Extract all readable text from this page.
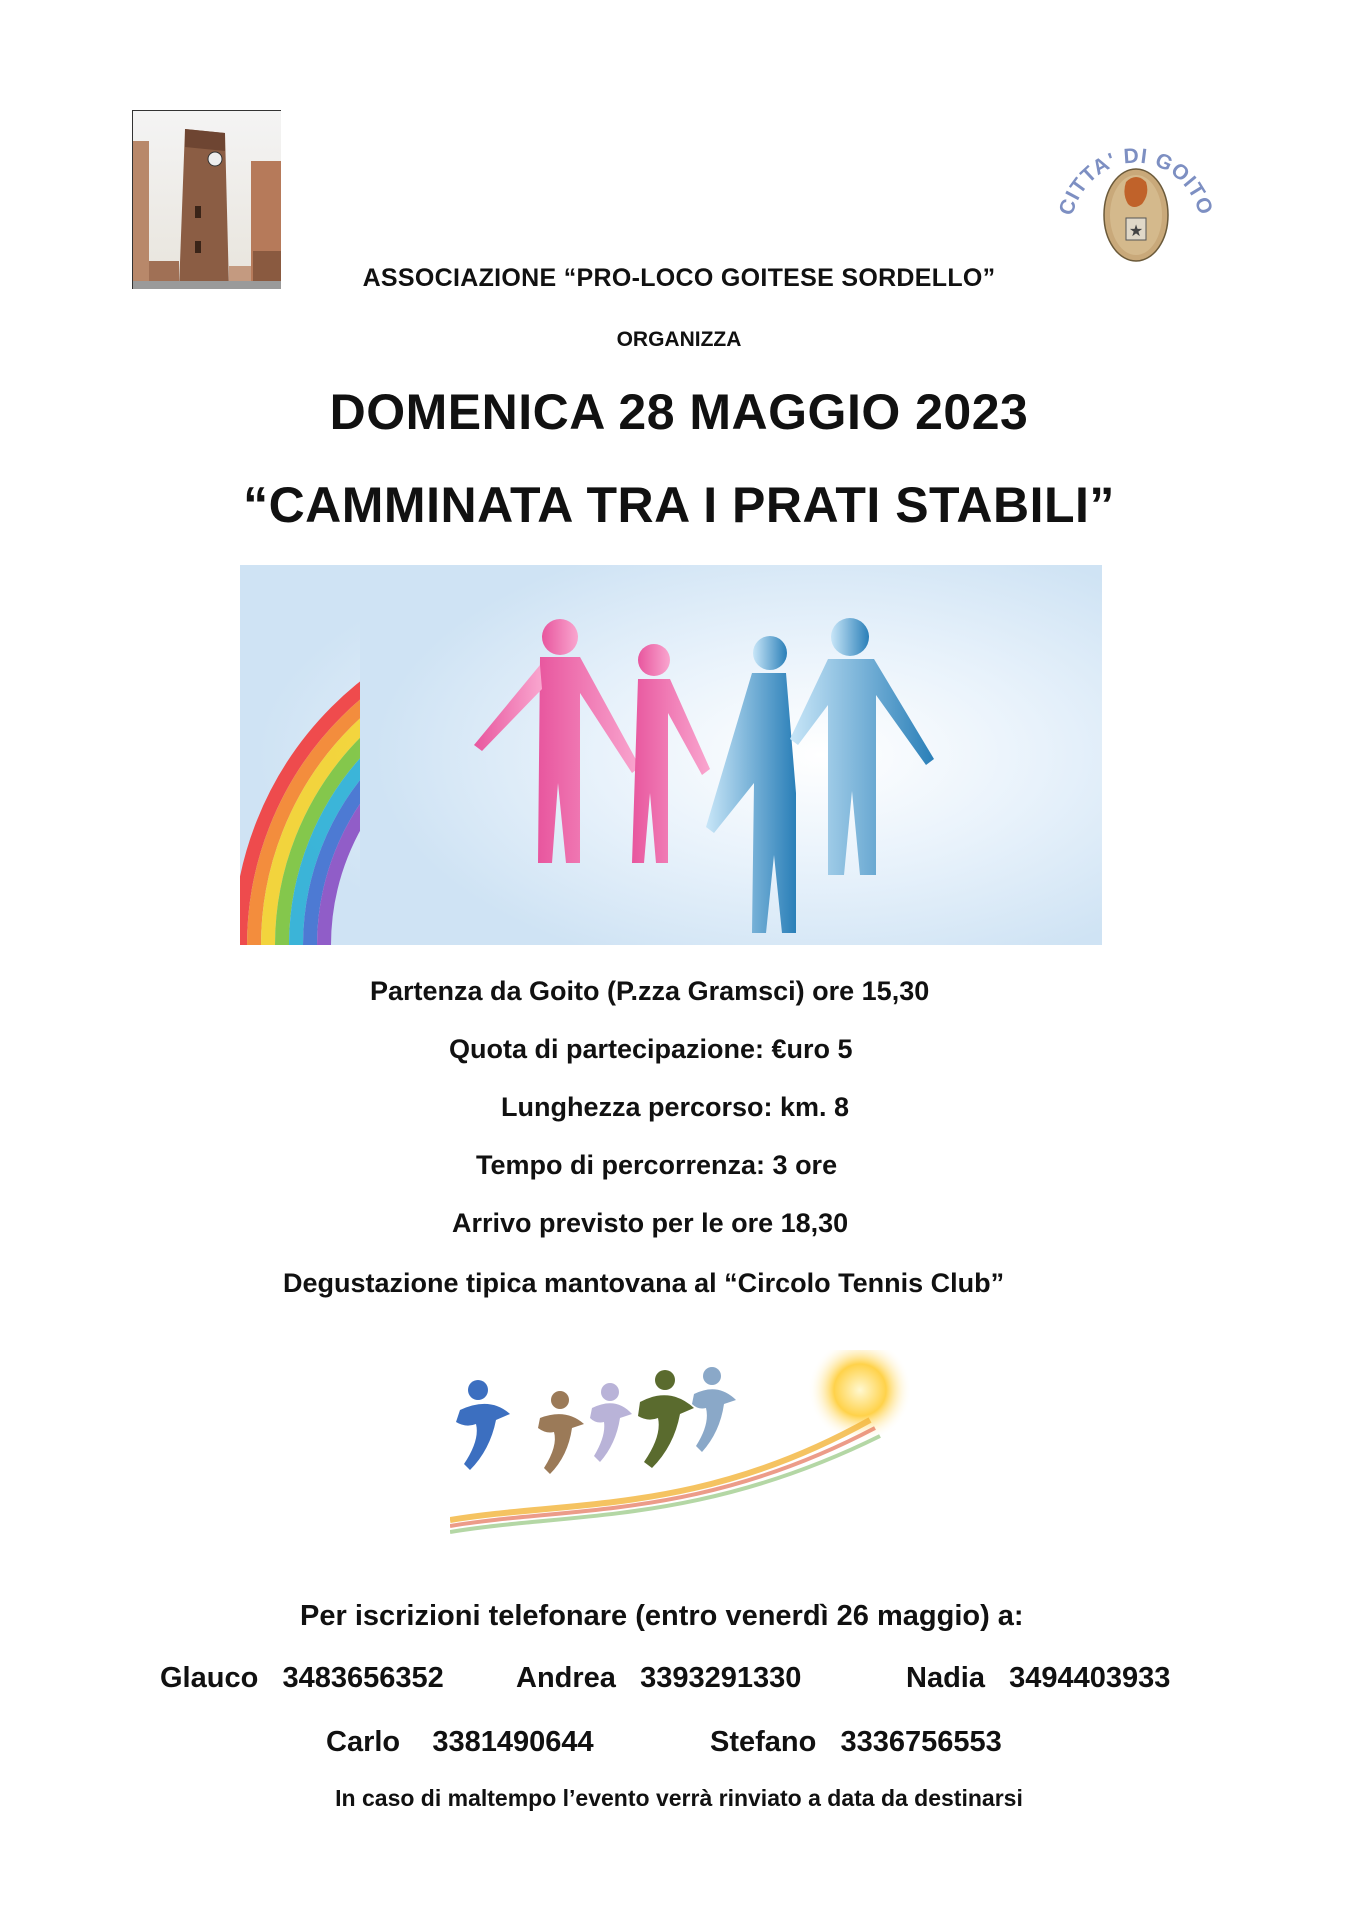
CITTA' DI GOITO
★
ASSOCIAZIONE “PRO-LOCO GOITESE SORDELLO”
ORGANIZZA
DOMENICA 28 MAGGIO 2023
“CAMMINATA TRA I PRATI STABILI”
Partenza da Goito (P.zza Gramsci) ore 15,30
Quota di partecipazione: €uro 5
Lunghezza percorso: km. 8
Tempo di percorrenza: 3 ore
Arrivo previsto per le ore 18,30
Degustazione tipica mantovana al “Circolo Tennis Club”
Per iscrizioni telefonare (entro venerdì 26 maggio) a:
Glauco 3483656352 Andrea 3393291330	Nadia 3494403933
Carlo 3381490644	Stefano 3336756553
In caso di maltempo l’evento verrà rinviato a data da destinarsi
